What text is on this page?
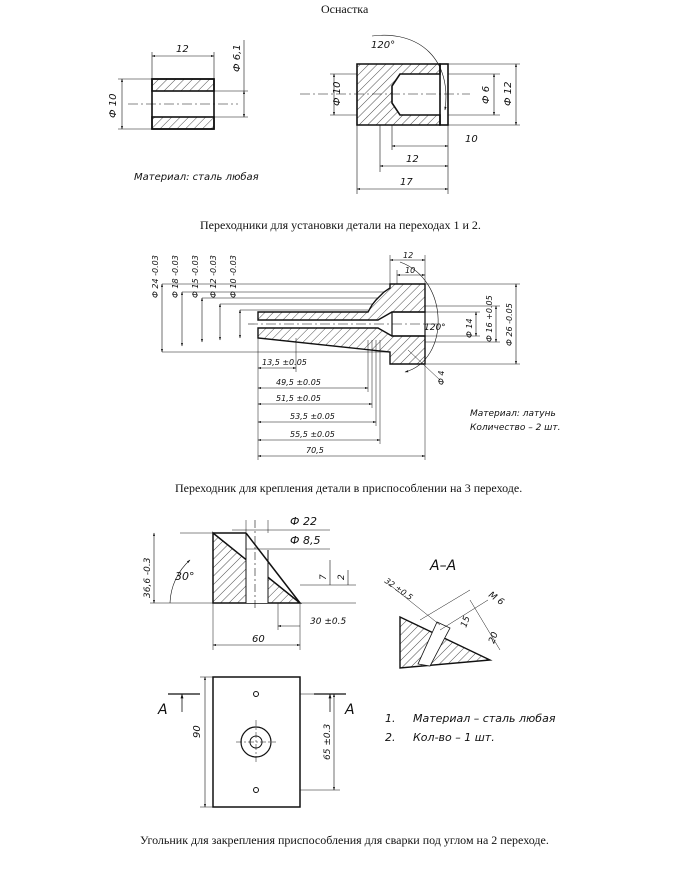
Оснастка
Переходники для установки детали на переходах 1 и 2.
Переходник для крепления детали в приспособлении на 3 переходе.
Угольник для закрепления приспособления для сварки под углом на 2 переходе.
12
Ф 10
Ф 6,1
Материал: сталь любая
120°
Ф 10	Ф 6 Ф 12
10
12
17
Ф 24 -0.03 Ф 18 -0.03 Ф 15 -0.03 Ф 12 -0.03 Ф 10 -0.03	12
10
120° Ф 14 Ф 16 +0.05 Ф 26 -0.05
Ф 4
13,5 ±0.05
49,5 ±0.05
51,5 ±0.05
53,5 ±0.05
55,5 ±0.05
70,5
Материал: латунь
Количество – 2 шт.
Ф 22
Ф 8,5
36,6 -0.3 30°	7 2
30 ±0.5
60
А–А
32 ±0.5	M 6
15
20
А	А
90	65 ±0.3
1. Материал – сталь любая
2. Кол-во – 1 шт.
